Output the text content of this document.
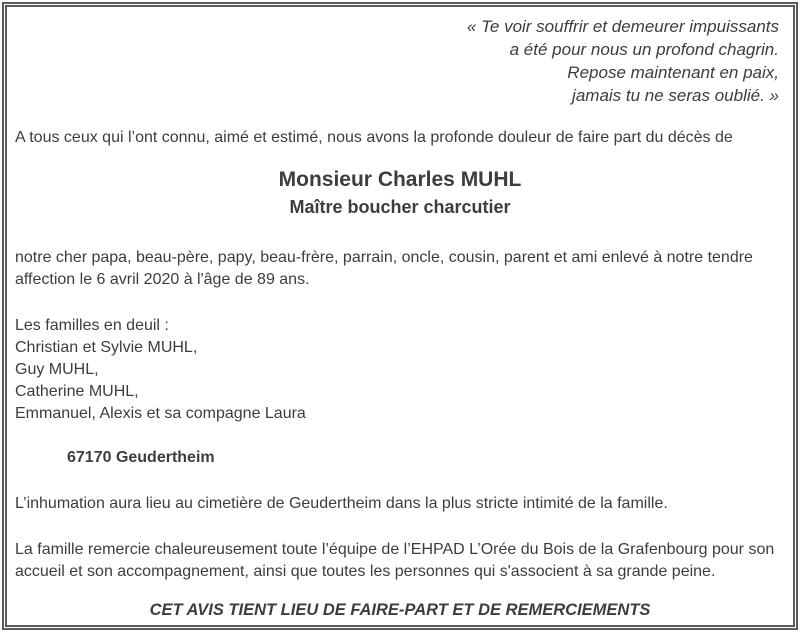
« Te voir souffrir et demeurer impuissants
a été pour nous un profond chagrin.
Repose maintenant en paix,
jamais tu ne seras oublié. »
A tous ceux qui l’ont connu, aimé et estimé, nous avons la profonde douleur de faire part du décès de
Monsieur Charles MUHL
Maître boucher charcutier
notre cher papa, beau-père, papy, beau-frère, parrain, oncle, cousin, parent et ami enlevé à notre tendre affection le 6 avril 2020 à l'âge de 89 ans.
Les familles en deuil :
Christian et Sylvie MUHL,
Guy MUHL,
Catherine MUHL,
Emmanuel, Alexis et sa compagne Laura
67170 Geudertheim
L’inhumation aura lieu au cimetière de Geudertheim dans la plus stricte intimité de la famille.
La famille remercie chaleureusement toute l’équipe de l’EHPAD L’Orée du Bois de la Grafenbourg pour son accueil et son accompagnement, ainsi que toutes les personnes qui s'associent à sa grande peine.
CET AVIS TIENT LIEU DE FAIRE-PART ET DE REMERCIEMENTS
